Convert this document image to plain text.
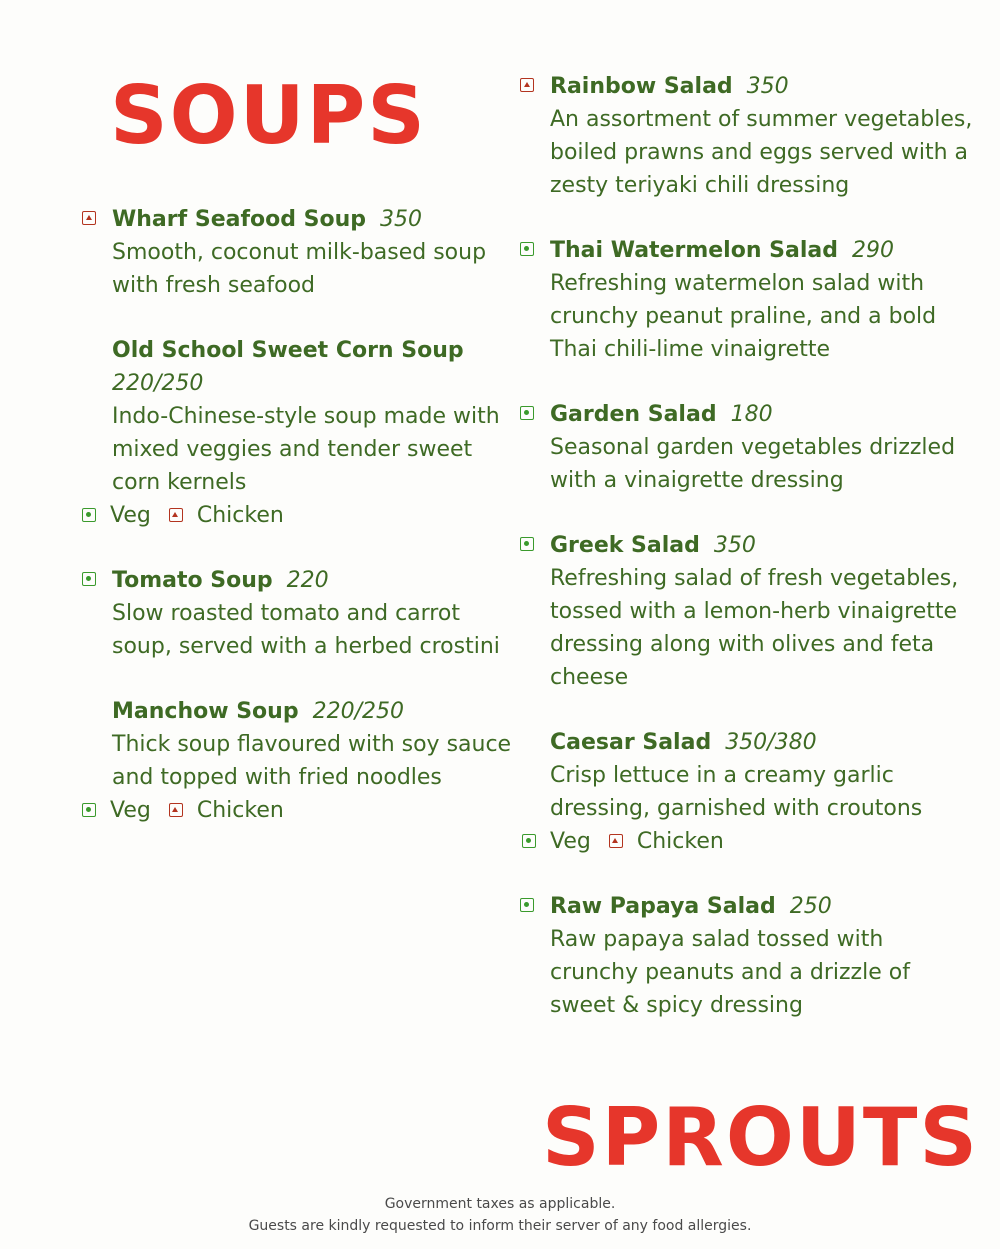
SOUPS
Wharf Seafood Soup 350
Smooth, coconut milk-based soup with fresh seafood
Old School Sweet Corn Soup
220/250
Indo-Chinese-style soup made with mixed veggies and tender sweet corn kernels
Veg Chicken
Tomato Soup 220
Slow roasted tomato and carrot soup, served with a herbed crostini
Manchow Soup 220/250
Thick soup flavoured with soy sauce and topped with fried noodles
Veg Chicken
Rainbow Salad 350
An assortment of summer vegetables, boiled prawns and eggs served with a zesty teriyaki chili dressing
Thai Watermelon Salad 290
Refreshing watermelon salad with crunchy peanut praline, and a bold Thai chili-lime vinaigrette
Garden Salad 180
Seasonal garden vegetables drizzled with a vinaigrette dressing
Greek Salad 350
Refreshing salad of fresh vegetables, tossed with a lemon-herb vinaigrette dressing along with olives and feta cheese
Caesar Salad 350/380
Crisp lettuce in a creamy garlic dressing, garnished with croutons
Veg Chicken
Raw Papaya Salad 250
Raw papaya salad tossed with crunchy peanuts and a drizzle of sweet & spicy dressing
SPROUTS
Government taxes as applicable.
Guests are kindly requested to inform their server of any food allergies.
